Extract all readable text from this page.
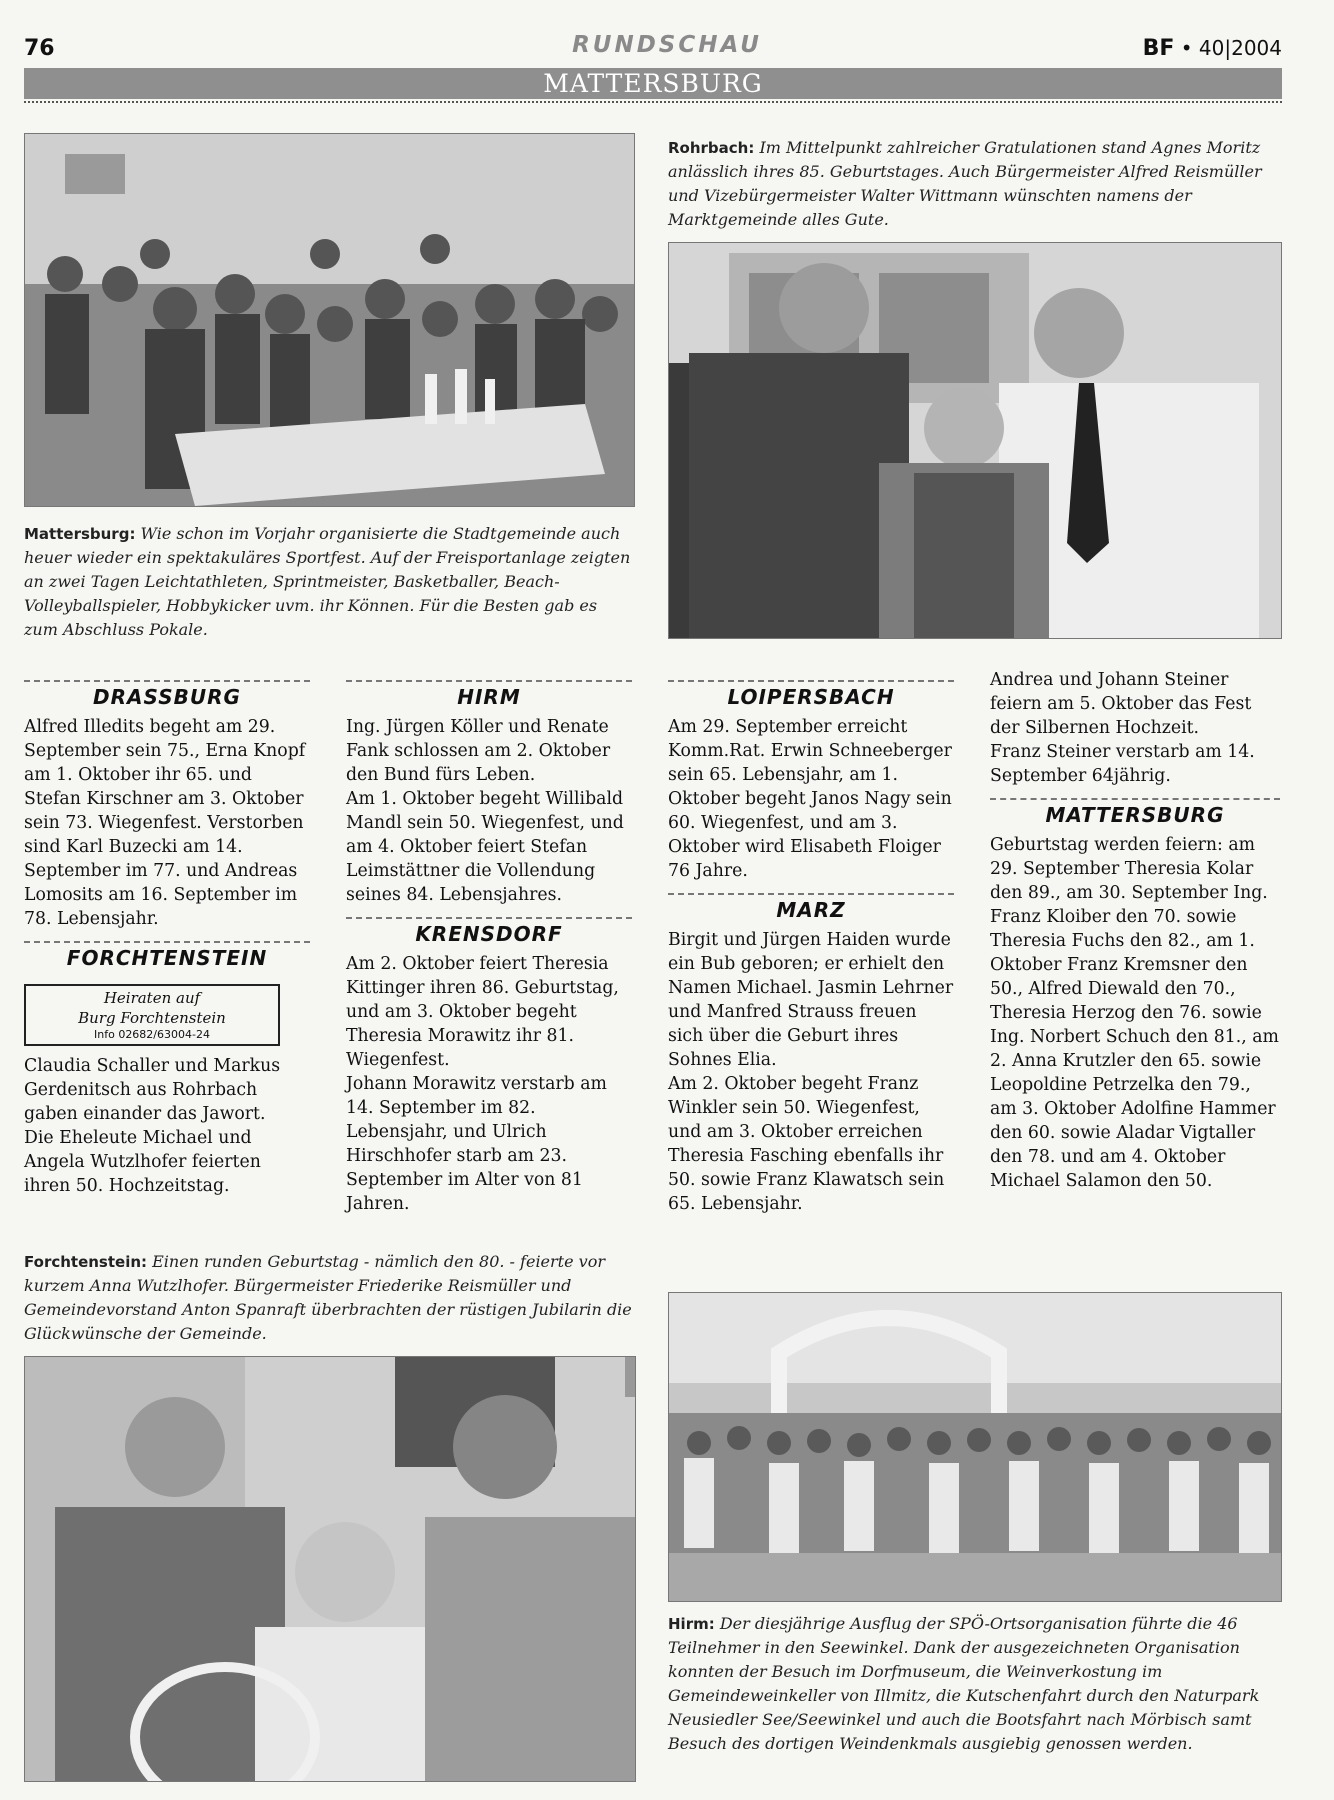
76	RUNDSCHAU	BF • 40|2004
MATTERSBURG
Mattersburg: Wie schon im Vorjahr organisierte die Stadtgemeinde auch heuer wieder ein spektakuläres Sportfest. Auf der Freisportanlage zeigten an zwei Tagen Leichtathleten, Sprintmeister, Basketballer, Beach-Volleyballspieler, Hobbykicker uvm. ihr Können. Für die Besten gab es zum Abschluss Pokale.
Rohrbach: Im Mittelpunkt zahlreicher Gratulationen stand Agnes Moritz anlässlich ihres 85. Geburtstages. Auch Bürgermeister Alfred Reismüller und Vizebürgermeister Walter Wittmann wünschten namens der Marktgemeinde alles Gute.
DRASSBURG

Alfred Illedits begeht am 29. September sein 75., Erna Knopf am 1. Oktober ihr 65. und Stefan Kirschner am 3. Oktober sein 73. Wiegenfest. Verstorben sind Karl Buzecki am 14. September im 77. und Andreas Lomosits am 16. September im 78. Lebensjahr.

FORCHTENSTEIN
Heiraten auf
Burg Forchtenstein
Info 02682/63004-24

Claudia Schaller und Markus Gerdenitsch aus Rohrbach gaben einander das Jawort.

Die Eheleute Michael und Angela Wutzlhofer feierten ihren 50. Hochzeitstag.

HIRM

Ing. Jürgen Köller und Renate Fank schlossen am 2. Oktober den Bund fürs Leben.

Am 1. Oktober begeht Willibald Mandl sein 50. Wiegenfest, und am 4. Oktober feiert Stefan Leimstättner die Vollendung seines 84. Lebensjahres.

KRENSDORF

Am 2. Oktober feiert Theresia Kittinger ihren 86. Geburtstag, und am 3. Oktober begeht Theresia Morawitz ihr 81. Wiegenfest.

Johann Morawitz verstarb am 14. September im 82. Lebensjahr, und Ulrich Hirschhofer starb am 23. September im Alter von 81 Jahren.

LOIPERSBACH

Am 29. September erreicht Komm.Rat. Erwin Schneeberger sein 65. Lebensjahr, am 1. Oktober begeht Janos Nagy sein 60. Wiegenfest, und am 3. Oktober wird Elisabeth Floiger 76 Jahre.

MARZ

Birgit und Jürgen Haiden wurde ein Bub geboren; er erhielt den Namen Michael. Jasmin Lehrner und Manfred Strauss freuen sich über die Geburt ihres Sohnes Elia.

Am 2. Oktober begeht Franz Winkler sein 50. Wiegenfest, und am 3. Oktober erreichen Theresia Fasching ebenfalls ihr 50. sowie Franz Klawatsch sein 65. Lebensjahr.

Andrea und Johann Steiner feiern am 5. Oktober das Fest der Silbernen Hochzeit.

Franz Steiner verstarb am 14. September 64jährig.

MATTERSBURG

Geburtstag werden feiern: am 29. September Theresia Kolar den 89., am 30. September Ing. Franz Kloiber den 70. sowie Theresia Fuchs den 82., am 1. Oktober Franz Kremsner den 50., Alfred Diewald den 70., Theresia Herzog den 76. sowie Ing. Norbert Schuch den 81., am 2. Anna Krutzler den 65. sowie Leopoldine Petrzelka den 79., am 3. Oktober Adolfine Hammer den 60. sowie Aladar Vigtaller den 78. und am 4. Oktober Michael Salamon den 50.

Forchtenstein: Einen runden Geburtstag - nämlich den 80. - feierte vor kurzem Anna Wutzlhofer. Bürgermeister Friederike Reismüller und Gemeindevorstand Anton Spanraft überbrachten der rüstigen Jubilarin die Glückwünsche der Gemeinde.
Hirm: Der diesjährige Ausflug der SPÖ-Ortsorganisation führte die 46 Teilnehmer in den Seewinkel. Dank der ausgezeichneten Organisation konnten der Besuch im Dorfmuseum, die Weinverkostung im Gemeindeweinkeller von Illmitz, die Kutschenfahrt durch den Naturpark Neusiedler See/Seewinkel und auch die Bootsfahrt nach Mörbisch samt Besuch des dortigen Weindenkmals ausgiebig genossen werden.
